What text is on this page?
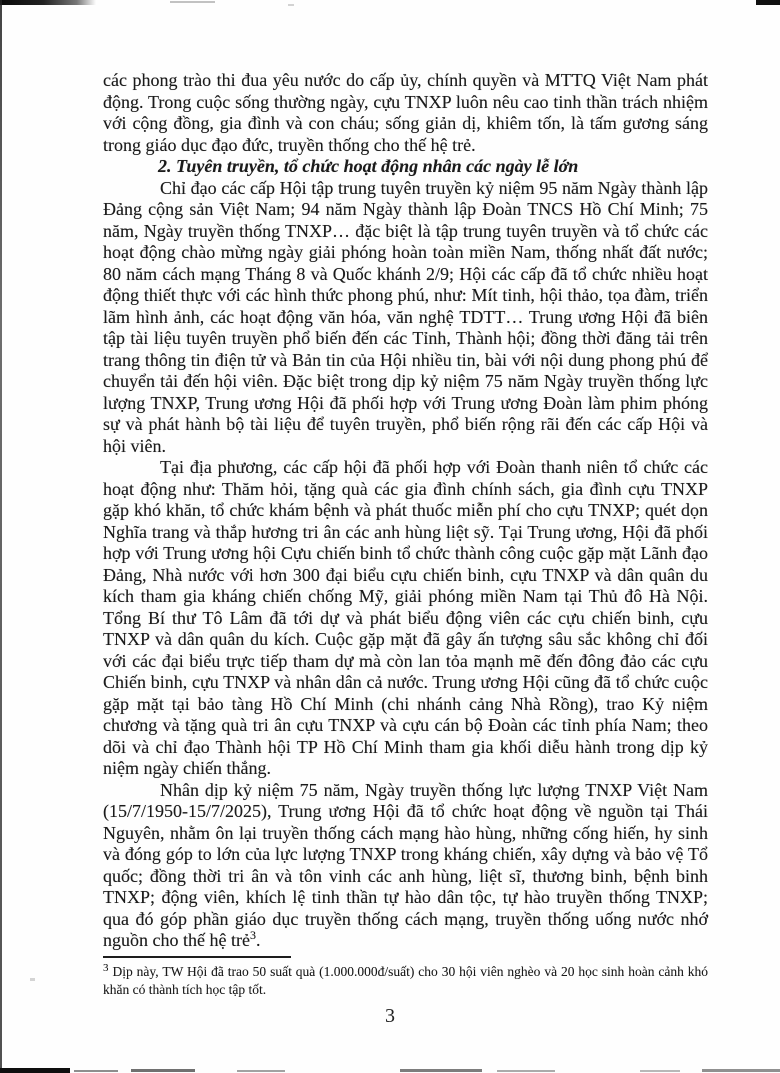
các phong trào thi đua yêu nước do cấp ủy, chính quyền và MTTQ Việt Nam phát động. Trong cuộc sống thường ngày, cựu TNXP luôn nêu cao tinh thần trách nhiệm với cộng đồng, gia đình và con cháu; sống giản dị, khiêm tốn, là tấm gương sáng trong giáo dục đạo đức, truyền thống cho thế hệ trẻ.

2. Tuyên truyền, tổ chức hoạt động nhân các ngày lễ lớn

Chỉ đạo các cấp Hội tập trung tuyên truyền kỷ niệm 95 năm Ngày thành lập Đảng cộng sản Việt Nam; 94 năm Ngày thành lập Đoàn TNCS Hồ Chí Minh; 75 năm, Ngày truyền thống TNXP… đặc biệt là tập trung tuyên truyền và tổ chức các hoạt động chào mừng ngày giải phóng hoàn toàn miền Nam, thống nhất đất nước; 80 năm cách mạng Tháng 8 và Quốc khánh 2/9; Hội các cấp đã tổ chức nhiều hoạt động thiết thực với các hình thức phong phú, như: Mít tinh, hội thảo, tọa đàm, triển lãm hình ảnh, các hoạt động văn hóa, văn nghệ TDTT… Trung ương Hội đã biên tập tài liệu tuyên truyền phổ biến đến các Tỉnh, Thành hội; đồng thời đăng tải trên trang thông tin điện tử và Bản tin của Hội nhiều tin, bài với nội dung phong phú để chuyển tải đến hội viên. Đặc biệt trong dịp kỷ niệm 75 năm Ngày truyền thống lực lượng TNXP, Trung ương Hội đã phối hợp với Trung ương Đoàn làm phim phóng sự và phát hành bộ tài liệu để tuyên truyền, phổ biến rộng rãi đến các cấp Hội và hội viên.

Tại địa phương, các cấp hội đã phối hợp với Đoàn thanh niên tổ chức các hoạt động như: Thăm hỏi, tặng quà các gia đình chính sách, gia đình cựu TNXP gặp khó khăn, tổ chức khám bệnh và phát thuốc miễn phí cho cựu TNXP; quét dọn Nghĩa trang và thắp hương tri ân các anh hùng liệt sỹ. Tại Trung ương, Hội đã phối hợp với Trung ương hội Cựu chiến binh tổ chức thành công cuộc gặp mặt Lãnh đạo Đảng, Nhà nước với hơn 300 đại biểu cựu chiến binh, cựu TNXP và dân quân du kích tham gia kháng chiến chống Mỹ, giải phóng miền Nam tại Thủ đô Hà Nội. Tổng Bí thư Tô Lâm đã tới dự và phát biểu động viên các cựu chiến binh, cựu TNXP và dân quân du kích. Cuộc gặp mặt đã gây ấn tượng sâu sắc không chỉ đối với các đại biểu trực tiếp tham dự mà còn lan tỏa mạnh mẽ đến đông đảo các cựu Chiến binh, cựu TNXP và nhân dân cả nước. Trung ương Hội cũng đã tổ chức cuộc gặp mặt tại bảo tàng Hồ Chí Minh (chi nhánh cảng Nhà Rồng), trao Kỷ niệm chương và tặng quà tri ân cựu TNXP và cựu cán bộ Đoàn các tỉnh phía Nam; theo dõi và chỉ đạo Thành hội TP Hồ Chí Minh tham gia khối diễu hành trong dịp kỷ niệm ngày chiến thắng.

Nhân dịp kỷ niệm 75 năm, Ngày truyền thống lực lượng TNXP Việt Nam (15/7/1950-15/7/2025), Trung ương Hội đã tổ chức hoạt động về nguồn tại Thái Nguyên, nhằm ôn lại truyền thống cách mạng hào hùng, những cống hiến, hy sinh và đóng góp to lớn của lực lượng TNXP trong kháng chiến, xây dựng và bảo vệ Tổ quốc; đồng thời tri ân và tôn vinh các anh hùng, liệt sĩ, thương binh, bệnh binh TNXP; động viên, khích lệ tinh thần tự hào dân tộc, tự hào truyền thống TNXP; qua đó góp phần giáo dục truyền thống cách mạng, truyền thống uống nước nhớ nguồn cho thế hệ trẻ$^3$.

$^3$ Dịp này, TW Hội đã trao 50 suất quà (1.000.000đ/suất) cho 30 hội viên nghèo và 20 học sinh hoàn cảnh khó khăn có thành tích học tập tốt.
3
